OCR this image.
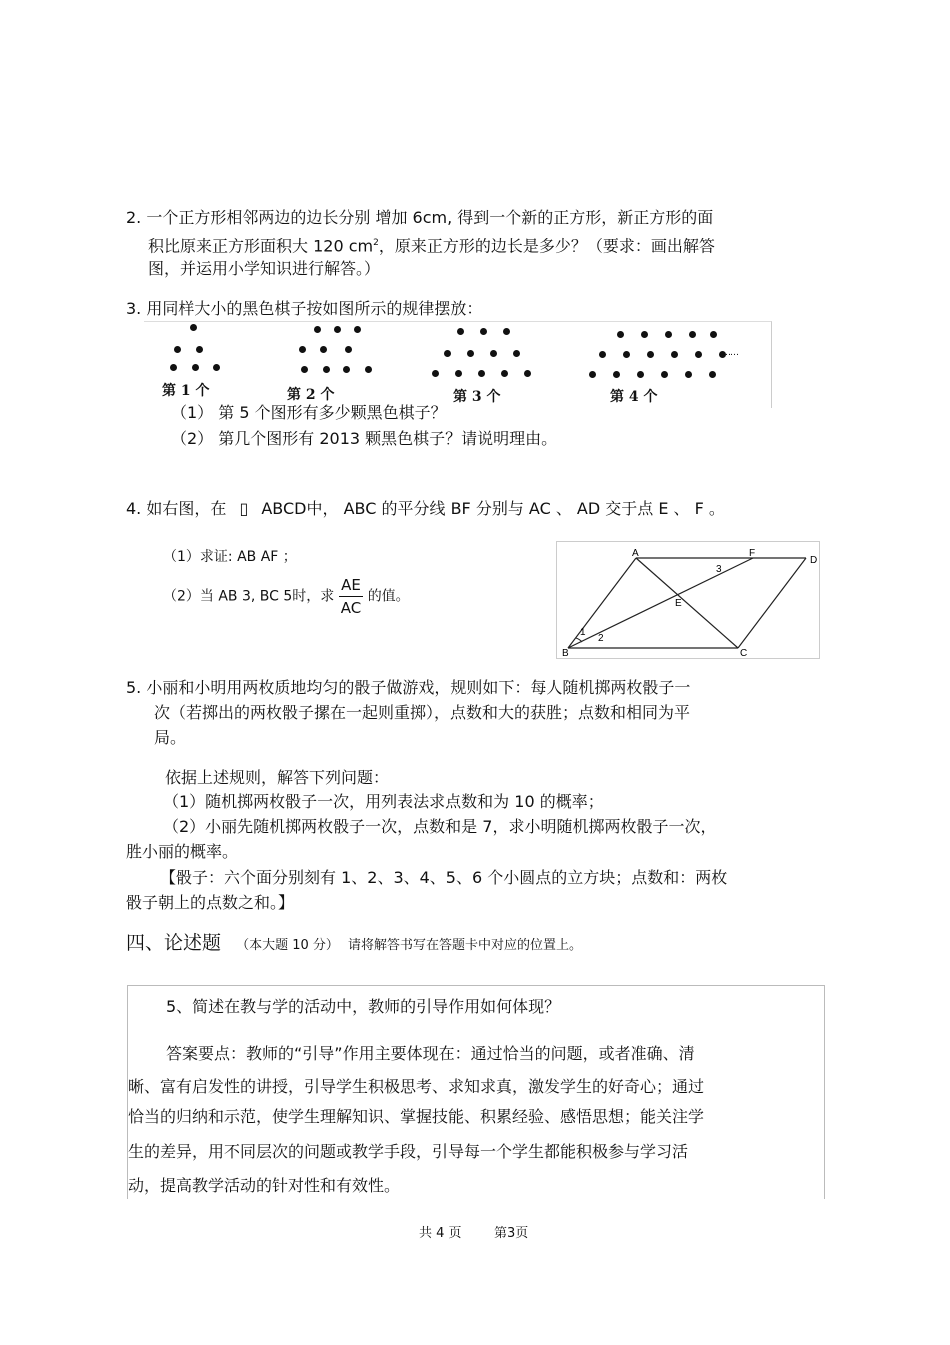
2. 一个正方形相邻两边的边长分别 增加 6cm, 得到一个新的正方形，新正方形的面
积比原来正方形面积大 120 $cm^2$，原来正方形的边长是多少？（要求：画出解答
图，并运用小学知识进行解答。）
3. 用同样大小的黑色棋子按如图所示的规律摆放：
第 1 个	第 2 个	第 3 个
……
第 4 个
（1） 第 5 个图形有多少颗黑色棋子？
（2） 第几个图形有 2013 颗黑色棋子？请说明理由。
4. 如右图，在 ▯ ABCD中， ABC 的平分线 BF 分别与 AC 、 AD 交于点 E 、 F 。
（1）求证: AB AF ；
（2）当 AB 3, BC 5时，求 $\frac{AE}{AC}$ 的值。
A	F
D
E
B	C
1
2
3
5. 小丽和小明用两枚质地均匀的骰子做游戏，规则如下：每人随机掷两枚骰子一
次（若掷出的两枚骰子摞在一起则重掷），点数和大的获胜；点数和相同为平
局。
依据上述规则，解答下列问题：
（1）随机掷两枚骰子一次，用列表法求点数和为 10 的概率；
（2）小丽先随机掷两枚骰子一次，点数和是 7，求小明随机掷两枚骰子一次，
胜小丽的概率。
【骰子：六个面分别刻有 1、2、3、4、5、6 个小圆点的立方块；点数和：两枚
骰子朝上的点数之和。】
四、论述题 （本大题 10 分） 请将解答书写在答题卡中对应的位置上。
5、简述在教与学的活动中，教师的引导作用如何体现？
答案要点：教师的“引导”作用主要体现在：通过恰当的问题，或者准确、清
晰、富有启发性的讲授，引导学生积极思考、求知求真，激发学生的好奇心；通过
恰当的归纳和示范，使学生理解知识、掌握技能、积累经验、感悟思想；能关注学
生的差异，用不同层次的问题或教学手段，引导每一个学生都能积极参与学习活
动，提高教学活动的针对性和有效性。
共 4 页 第3页
